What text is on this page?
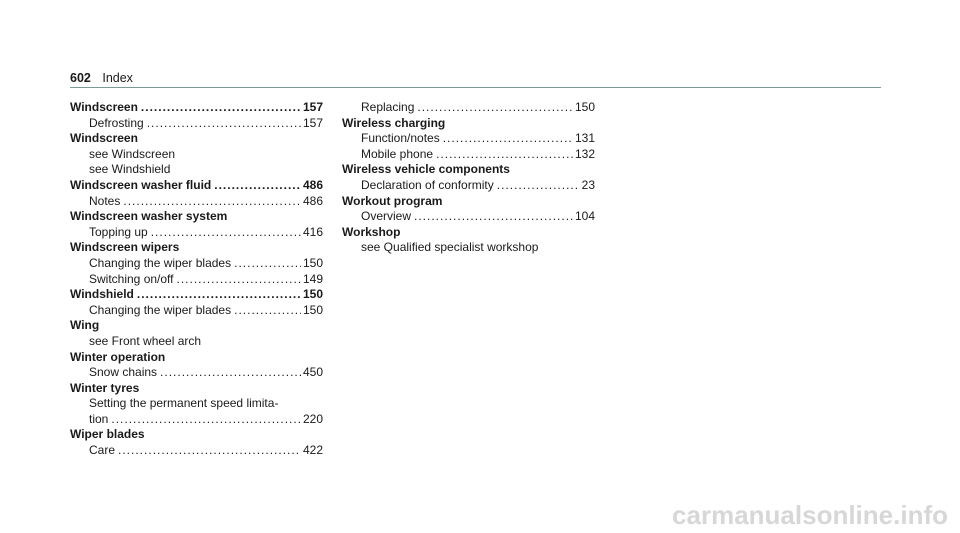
602 Index
Windscreen .....	157
Defrosting .....	157
Windscreen
see Windscreen
see Windshield
Windscreen washer fluid .....	486
Notes .....	486
Windscreen washer system
Topping up .....	416
Windscreen wipers
Changing the wiper blades .....	150
Switching on/off .....	149
Windshield .....	150
Changing the wiper blades .....	150
Wing
see Front wheel arch
Winter operation
Snow chains .....	450
Winter tyres
Setting the permanent speed limita-
tion .....	220
Wiper blades
Care .....	422
Replacing .....	150
Wireless charging
Function/notes .....	131
Mobile phone .....	132
Wireless vehicle components
Declaration of conformity .....	23
Workout program
Overview .....	104
Workshop
see Qualified specialist workshop
carmanualsonline.info
